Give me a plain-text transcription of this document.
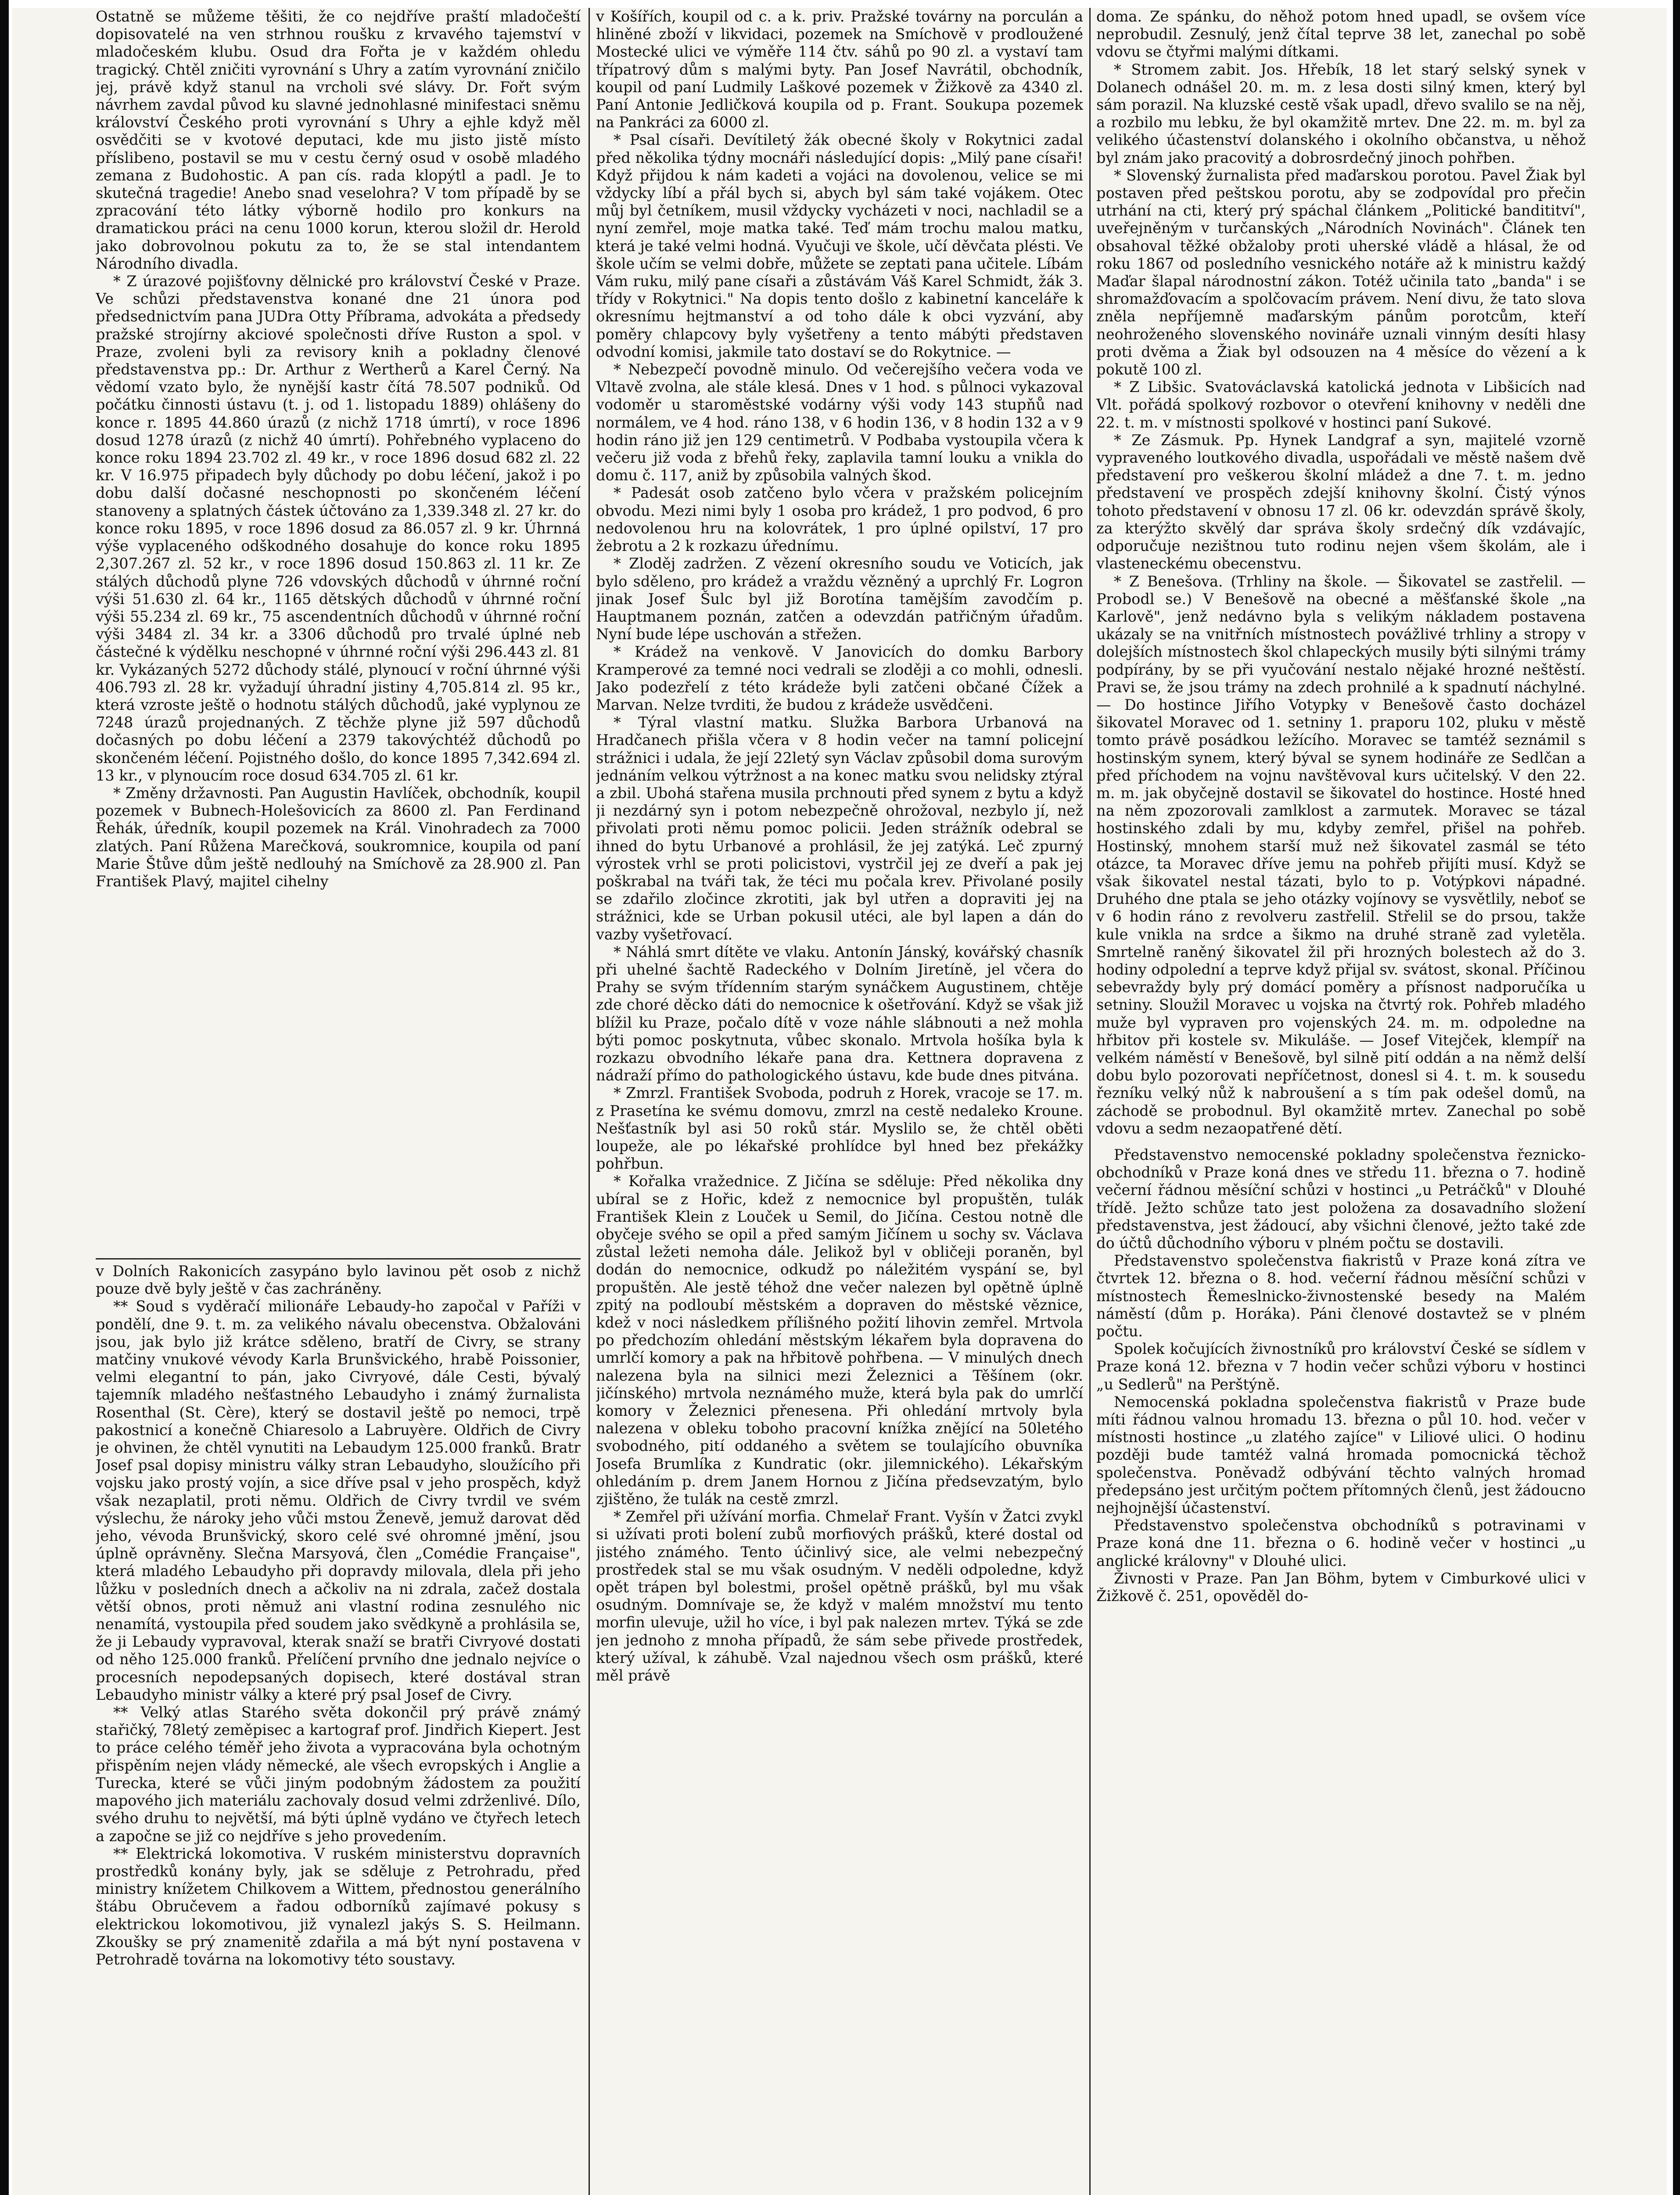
Ostatně se můžeme těšiti, že co nejdříve praští mladočeští dopisovatelé na ven strhnou roušku z krvavého tajemství v mladočeském klubu. Osud dra Fořta je v každém ohledu tragický. Chtěl zničiti vyrovnání s Uhry a zatím vyrovnání zničilo jej, právě když stanul na vrcholi své slávy. Dr. Fořt svým návrhem zavdal původ ku slavné jednohlasné minifestaci sněmu království Českého proti vyrovnání s Uhry a ejhle když měl osvědčiti se v kvotové deputaci, kde mu jisto jistě místo příslibeno, postavil se mu v cestu černý osud v osobě mladého zemana z Budohostic. A pan cís. rada klopýtl a padl. Je to skutečná tragedie! Anebo snad veselohra? V tom případě by se zpracování této látky výborně hodilo pro konkurs na dramatickou práci na cenu 1000 korun, kterou složil dr. Herold jako dobrovolnou pokutu za to, že se stal intendantem Národního divadla.

* Z úrazové pojišťovny dělnické pro království České v Praze. Ve schůzi představenstva konané dne 21 února pod předsednictvím pana JUDra Otty Příbrama, advokáta a předsedy pražské strojírny akciové společnosti dříve Ruston a spol. v Praze, zvoleni byli za revisory knih a pokladny členové představenstva pp.: Dr. Arthur z Wertherů a Karel Černý. Na vědomí vzato bylo, že nynější kastr čítá 78.507 podniků. Od počátku činnosti ústavu (t. j. od 1. listopadu 1889) ohlášeny do konce r. 1895 44.860 úrazů (z nichž 1718 úmrtí), v roce 1896 dosud 1278 úrazů (z nichž 40 úmrtí). Pohřebného vyplaceno do konce roku 1894 23.702 zl. 49 kr., v roce 1896 dosud 682 zl. 22 kr. V 16.975 připadech byly důchody po dobu léčení, jakož i po dobu další dočasné neschopnosti po skončeném léčení stanoveny a splatných částek účtováno za 1,339.348 zl. 27 kr. do konce roku 1895, v roce 1896 dosud za 86.057 zl. 9 kr. Úhrnná výše vyplaceného odškodného dosahuje do konce roku 1895 2,307.267 zl. 52 kr., v roce 1896 dosud 150.863 zl. 11 kr. Ze stálých důchodů plyne 726 vdovských důchodů v úhrnné roční výši 51.630 zl. 64 kr., 1165 dětských důchodů v úhrnné roční výši 55.234 zl. 69 kr., 75 ascendentních důchodů v úhrnné roční výši 3484 zl. 34 kr. a 3306 důchodů pro trvalé úplné neb částečné k výdělku neschopné v úhrnné roční výši 296.443 zl. 81 kr. Vykázaných 5272 důchody stálé, plynoucí v roční úhrnné výši 406.793 zl. 28 kr. vyžadují úhradní jistiny 4,705.814 zl. 95 kr., která vzroste ještě o hodnotu stálých důchodů, jaké vyplynou ze 7248 úrazů projednaných. Z těchže plyne již 597 důchodů dočasných po dobu léčení a 2379 takovýchtéž důchodů po skončeném léčení. Pojistného došlo, do konce 1895 7,342.694 zl. 13 kr., v plynoucím roce dosud 634.705 zl. 61 kr.

* Změny državnosti. Pan Augustin Havlíček, obchodník, koupil pozemek v Bubnech-Holešovicích za 8600 zl. Pan Ferdinand Řehák, úředník, koupil pozemek na Král. Vinohradech za 7000 zlatých. Paní Růžena Marečková, soukromnice, koupila od paní Marie Štůve dům ještě nedlouhý na Smíchově za 28.900 zl. Pan František Plavý, majitel cihelny

v Dolních Rakonicích zasypáno bylo lavinou pět osob z nichž pouze dvě byly ještě v čas zachráněny.

** Soud s vyděračí milionáře Lebaudy-ho započal v Paříži v pondělí, dne 9. t. m. za velikého návalu obecenstva. Obžalováni jsou, jak bylo již krátce sděleno, bratří de Civry, se strany matčiny vnukové vévody Karla Brunšvického, hrabě Poissonier, velmi elegantní to pán, jako Civryové, dále Cesti, bývalý tajemník mladého nešťastného Lebaudyho i známý žurnalista Rosenthal (St. Cère), který se dostavil ještě po nemoci, trpě pakostnicí a konečně Chiaresolo a Labruyère. Oldřich de Civry je ohvinen, že chtěl vynutiti na Lebaudym 125.000 franků. Bratr Josef psal dopisy ministru války stran Lebaudyho, sloužícího při vojsku jako prostý vojín, a sice dříve psal v jeho prospěch, když však nezaplatil, proti němu. Oldřich de Civry tvrdil ve svém výslechu, že nároky jeho vůči mstou Ženevě, jemuž darovat děd jeho, vévoda Brunšvický, skoro celé své ohromné jmění, jsou úplně oprávněny. Slečna Marsyová, člen „Comédie Française", která mladého Lebaudyho při dopravdy milovala, dlela při jeho lůžku v posledních dnech a ačkoliv na ni zdrala, začež dostala větší obnos, proti němuž ani vlastní rodina zesnulého nic nenamítá, vystoupila před soudem jako svědkyně a prohlásila se, že ji Lebaudy vypravoval, kterak snaží se bratři Civryové dostati od něho 125.000 franků. Přelíčení prvního dne jednalo nejvíce o procesních nepodepsaných dopisech, které dostával stran Lebaudyho ministr války a které prý psal Josef de Civry.

** Velký atlas Starého světa dokončil prý právě známý stařičký, 78letý zeměpisec a kartograf prof. Jindřich Kiepert. Jest to práce celého téměř jeho života a vypracována byla ochotným přispěním nejen vlády německé, ale všech evropských i Anglie a Turecka, které se vůči jiným podobným žádostem za použití mapového jich materiálu zachovaly dosud velmi zdrženlivé. Dílo, svého druhu to největší, má býti úplně vydáno ve čtyřech letech a započne se již co nejdříve s jeho provedením.

** Elektrická lokomotiva. V ruském ministerstvu dopravních prostředků konány byly, jak se sděluje z Petrohradu, před ministry knížetem Chilkovem a Wittem, přednostou generálního štábu Obručevem a řadou odborníků zajímavé pokusy s elektrickou lokomotivou, již vynalezl jakýs S. S. Heilmann. Zkoušky se prý znamenitě zdařila a má být nyní postavena v Petrohradě továrna na lokomotivy této soustavy.

v Košířích, koupil od c. a k. priv. Pražské továrny na porculán a hliněné zboží v likvidaci, pozemek na Smíchově v prodloužené Mostecké ulici ve výměře 114 čtv. sáhů po 90 zl. a vystaví tam třípatrový dům s malými byty. Pan Josef Navrátil, obchodník, koupil od paní Ludmily Laškové pozemek v Žižkově za 4340 zl. Paní Antonie Jedličková koupila od p. Frant. Soukupa pozemek na Pankráci za 6000 zl.

* Psal císaři. Devítiletý žák obecné školy v Rokytnici zadal před několika týdny mocnáři následující dopis: „Milý pane císaři! Když přijdou k nám kadeti a vojáci na dovolenou, velice se mi vždycky líbí a přál bych si, abych byl sám také vojákem. Otec můj byl četníkem, musil vždycky vycházeti v noci, nachladil se a nyní zemřel, moje matka také. Teď mám trochu malou matku, která je také velmi hodná. Vyučuji ve škole, učí děvčata plésti. Ve škole učím se velmi dobře, můžete se zeptati pana učitele. Líbám Vám ruku, milý pane císaři a zůstávám Váš Karel Schmidt, žák 3. třídy v Rokytnici." Na dopis tento došlo z kabinetní kanceláře k okresnímu hejtmanství a od toho dále k obci vyzvání, aby poměry chlapcovy byly vyšetřeny a tento mábýti představen odvodní komisi, jakmile tato dostaví se do Rokytnice. —

* Nebezpečí povodně minulo. Od večerejšího večera voda ve Vltavě zvolna, ale stále klesá. Dnes v 1 hod. s půlnoci vykazoval vodoměr u staroměstské vodárny výši vody 143 stupňů nad normálem, ve 4 hod. ráno 138, v 6 hodin 136, v 8 hodin 132 a v 9 hodin ráno již jen 129 centimetrů. V Podbaba vystoupila včera k večeru již voda z břehů řeky, zaplavila tamní louku a vnikla do domu č. 117, aniž by způsobila valných škod.

* Padesát osob zatčeno bylo včera v pražském policejním obvodu. Mezi nimi byly 1 osoba pro krádež, 1 pro podvod, 6 pro nedovolenou hru na kolovrátek, 1 pro úplné opilství, 17 pro žebrotu a 2 k rozkazu úřednímu.

* Zloděj zadržen. Z vězení okresního soudu ve Voticích, jak bylo sděleno, pro krádež a vraždu vězněný a uprchlý Fr. Logron jinak Josef Šulc byl již Borotína tamějším zavodčím p. Hauptmanem poznán, zatčen a odevzdán patřičným úřadům. Nyní bude lépe uschován a střežen.

* Krádež na venkově. V Janovicích do domku Barbory Kramperové za temné noci vedrali se zloději a co mohli, odnesli. Jako podezřelí z této krádeže byli zatčeni občané Čížek a Marvan. Nelze tvrditi, že budou z krádeže usvědčeni.

* Týral vlastní matku. Služka Barbora Urbanová na Hradčanech přišla včera v 8 hodin večer na tamní policejní strážnici i udala, že její 22letý syn Václav způsobil doma surovým jednáním velkou výtržnost a na konec matku svou nelidsky ztýral a zbil. Ubohá stařena musila prchnouti před synem z bytu a když ji nezdárný syn i potom nebezpečně ohrožoval, nezbylo jí, než přivolati proti němu pomoc policii. Jeden strážník odebral se ihned do bytu Urbanové a prohlásil, že jej zatýká. Leč zpurný výrostek vrhl se proti policistovi, vystrčil jej ze dveří a pak jej poškrabal na tváři tak, že téci mu počala krev. Přivolané posily se zdařilo zločince zkrotiti, jak byl utřen a dopraviti jej na strážnici, kde se Urban pokusil utéci, ale byl lapen a dán do vazby vyšetřovací.

* Náhlá smrt dítěte ve vlaku. Antonín Jánský, kovářský chasník při uhelné šachtě Radeckého v Dolním Jiretíně, jel včera do Prahy se svým třídenním starým synáčkem Augustinem, chtěje zde choré děcko dáti do nemocnice k ošetřování. Když se však již blížil ku Praze, počalo dítě v voze náhle slábnouti a než mohla býti pomoc poskytnuta, vůbec skonalo. Mrtvola hošíka byla k rozkazu obvodního lékaře pana dra. Kettnera dopravena z nádraží přímo do pathologického ústavu, kde bude dnes pitvána.

* Zmrzl. František Svoboda, podruh z Horek, vracoje se 17. m. z Prasetína ke svému domovu, zmrzl na cestě nedaleko Kroune. Nešťastník byl asi 50 roků stár. Myslilo se, že chtěl oběti loupeže, ale po lékařské prohlídce byl hned bez překážky pohřbun.

* Kořalka vražednice. Z Jičína se sděluje: Před několika dny ubíral se z Hořic, kdež z nemocnice byl propuštěn, tulák František Klein z Louček u Semil, do Jičína. Cestou notně dle obyčeje svého se opil a před samým Jičínem u sochy sv. Václava zůstal ležeti nemoha dále. Jelikož byl v obličeji poraněn, byl dodán do nemocnice, odkudž po náležitém vyspání se, byl propuštěn. Ale jestě téhož dne večer nalezen byl opětně úplně zpitý na podloubí městském a dopraven do městské věznice, kdež v noci následkem přílišného požití lihovin zemřel. Mrtvola po předchozím ohledání městským lékařem byla dopravena do umrlčí komory a pak na hřbitově pohřbena. — V minulých dnech nalezena byla na silnici mezi Železnici a Těšínem (okr. jičínského) mrtvola neznámého muže, která byla pak do umrlčí komory v Železnici přenesena. Při ohledání mrtvoly byla nalezena v obleku toboho pracovní knížka znějící na 50letého svobodného, pití oddaného a světem se toulajícího obuvníka Josefa Brumlíka z Kundratic (okr. jilemnického). Lékařským ohledáním p. drem Janem Hornou z Jičína předsevzatým, bylo zjištěno, že tulák na cestě zmrzl.

* Zemřel při užívání morfia. Chmelař Frant. Vyšín v Žatci zvykl si užívati proti bolení zubů morfiových prášků, které dostal od jistého známého. Tento účinlivý sice, ale velmi nebezpečný prostředek stal se mu však osudným. V neděli odpoledne, když opět trápen byl bolestmi, prošel opětně prášků, byl mu však osudným. Domnívaje se, že když v malém množství mu tento morfin ulevuje, užil ho více, i byl pak nalezen mrtev. Týká se zde jen jednoho z mnoha případů, že sám sebe přivede prostředek, který užíval, k záhubě. Vzal najednou všech osm prášků, které měl právě

doma. Ze spánku, do něhož potom hned upadl, se ovšem více neprobudil. Zesnulý, jenž čítal teprve 38 let, zanechal po sobě vdovu se čtyřmi malými dítkami.

* Stromem zabit. Jos. Hřebík, 18 let starý selský synek v Dolanech odnášel 20. m. m. z lesa dosti silný kmen, který byl sám porazil. Na kluzské cestě však upadl, dřevo svalilo se na něj, a rozbilo mu lebku, že byl okamžitě mrtev. Dne 22. m. m. byl za velikého účastenství dolanského i okolního občanstva, u něhož byl znám jako pracovitý a dobrosrdečný jinoch pohřben.

* Slovenský žurnalista před maďarskou porotou. Pavel Žiak byl postaven před peštskou porotu, aby se zodpovídal pro přečin utrhání na cti, který prý spáchal článkem „Politické bandititví", uveřejněným v turčanských „Národních Novinách". Článek ten obsahoval těžké obžaloby proti uherské vládě a hlásal, že od roku 1867 od posledního vesnického notáře až k ministru každý Maďar šlapal národnostní zákon. Totéž učinila tato „banda" i se shromažďovacím a spolčovacím právem. Není divu, že tato slova zněla nepříjemně maďarským pánům porotcům, kteří neohroženého slovenského novináře uznali vinným desíti hlasy proti dvěma a Žiak byl odsouzen na 4 měsíce do vězení a k pokutě 100 zl.

* Z Libšic. Svatováclavská katolická jednota v Libšicích nad Vlt. pořádá spolkový rozbovor o otevření knihovny v neděli dne 22. t. m. v místnosti spolkové v hostinci paní Sukové.

* Ze Zásmuk. Pp. Hynek Landgraf a syn, majitelé vzorně vypraveného loutkového divadla, uspořádali ve městě našem dvě představení pro veškerou školní mládež a dne 7. t. m. jedno představení ve prospěch zdejší knihovny školní. Čistý výnos tohoto představení v obnosu 17 zl. 06 kr. odevzdán správě školy, za kterýžto skvělý dar správa školy srdečný dík vzdávajíc, odporučuje nezištnou tuto rodinu nejen všem školám, ale i vlasteneckému obecenstvu.

* Z Benešova. (Trhliny na škole. — Šikovatel se zastřelil. — Probodl se.) V Benešově na obecné a měšťanské škole „na Karlově", jenž nedávno byla s velikým nákladem postavena ukázaly se na vnitřních místnostech povážlivé trhliny a stropy v dolejších místnostech škol chlapeckých musily býti silnými trámy podpírány, by se při vyučování nestalo nějaké hrozné neštěstí. Pravi se, že jsou trámy na zdech prohnilé a k spadnutí náchylné. — Do hostince Jiřího Votypky v Benešově často docházel šikovatel Moravec od 1. setniny 1. praporu 102, pluku v městě tomto právě posádkou ležícího. Moravec se tamtéž seznámil s hostinským synem, který býval se synem hodináře ze Sedlčan a před příchodem na vojnu navštěvoval kurs učitelský. V den 22. m. m. jak obyčejně dostavil se šikovatel do hostince. Hosté hned na něm zpozorovali zamlklost a zarmutek. Moravec se tázal hostinského zdali by mu, kdyby zemřel, přišel na pohřeb. Hostinský, mnohem starší muž než šikovatel zasmál se této otázce, ta Moravec dříve jemu na pohřeb přijíti musí. Když se však šikovatel nestal tázati, bylo to p. Votýpkovi nápadné. Druhého dne ptala se jeho otázky vojínovy se vysvětlily, neboť se v 6 hodin ráno z revolveru zastřelil. Střelil se do prsou, takže kule vnikla na srdce a šikmo na druhé straně zad vyletěla. Smrtelně raněný šikovatel žil při hrozných bolestech až do 3. hodiny odpolední a teprve když přijal sv. svátost, skonal. Příčinou sebevraždy byly prý domácí poměry a přísnost nadporučíka u setniny. Sloužil Moravec u vojska na čtvrtý rok. Pohřeb mladého muže byl vypraven pro vojenských 24. m. m. odpoledne na hřbitov při kostele sv. Mikuláše. — Josef Vitejček, klempíř na velkém náměstí v Benešově, byl silně pití oddán a na němž delší dobu bylo pozorovati nepříčetnost, donesl si 4. t. m. k sousedu řezníku velký nůž k nabroušení a s tím pak odešel domů, na záchodě se probodnul. Byl okamžitě mrtev. Zanechal po sobě vdovu a sedm nezaopatřené dětí.

Představenstvo nemocenské pokladny společenstva řeznicko-obchodníků v Praze koná dnes ve středu 11. března o 7. hodině večerní řádnou měsíční schůzi v hostinci „u Petráčků" v Dlouhé třídě. Ježto schůze tato jest položena za dosavadního složení představenstva, jest žádoucí, aby všichni členové, ježto také zde do účtů důchodního výboru v plném počtu se dostavili.

Představenstvo společenstva fiakristů v Praze koná zítra ve čtvrtek 12. března o 8. hod. večerní řádnou měsíční schůzi v místnostech Řemeslnicko-živnostenské besedy na Malém náměstí (dům p. Horáka). Páni členové dostavtež se v plném počtu.

Spolek kočujících živnostníků pro království České se sídlem v Praze koná 12. března v 7 hodin večer schůzi výboru v hostinci „u Sedlerů" na Perštýně.

Nemocenská pokladna společenstva fiakristů v Praze bude míti řádnou valnou hromadu 13. března o půl 10. hod. večer v místnosti hostince „u zlatého zajíce" v Liliové ulici. O hodinu později bude tamtéž valná hromada pomocnická těchož společenstva. Poněvadž odbývání těchto valných hromad předepsáno jest určitým počtem přítomných členů, jest žádoucno nejhojnější účastenství.

Představenstvo společenstva obchodníků s potravinami v Praze koná dne 11. března o 6. hodině večer v hostinci „u anglické královny" v Dlouhé ulici.

Živnosti v Praze. Pan Jan Böhm, bytem v Cimburkové ulici v Žižkově č. 251, opověděl do-
